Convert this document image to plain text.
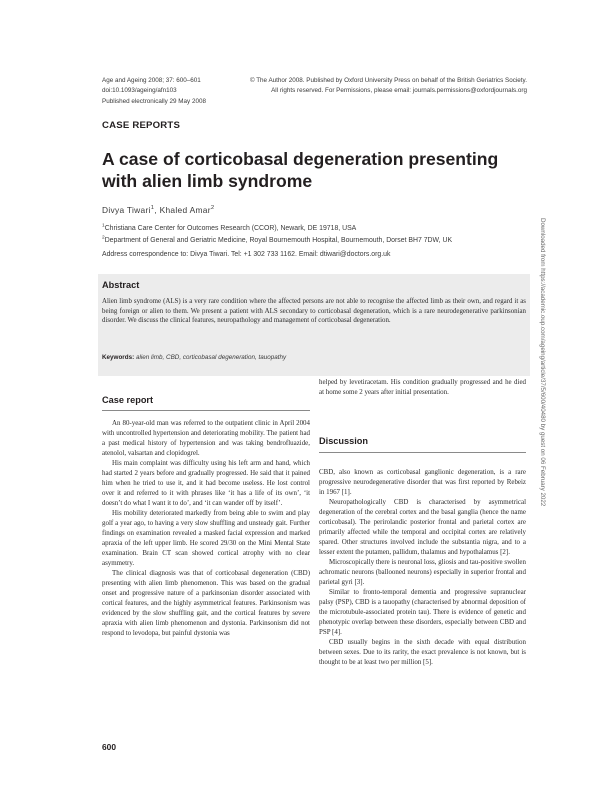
Age and Ageing 2008; 37: 600–601
doi:10.1093/ageing/afn103
Published electronically 29 May 2008
© The Author 2008. Published by Oxford University Press on behalf of the British Geriatrics Society.
All rights reserved. For Permissions, please email: journals.permissions@oxfordjournals.org
CASE REPORTS
A case of corticobasal degeneration presenting with alien limb syndrome
Divya Tiwari$^1$, Khaled Amar$^2$
$^1$Christiana Care Center for Outcomes Research (CCOR), Newark, DE 19718, USA
$^2$Department of General and Geriatric Medicine, Royal Bournemouth Hospital, Bournemouth, Dorset BH7 7DW, UK
Address correspondence to: Divya Tiwari. Tel: +1 302 733 1162. Email: dtiwari@doctors.org.uk
Abstract
Alien limb syndrome (ALS) is a very rare condition where the affected persons are not able to recognise the affected limb as their own, and regard it as being foreign or alien to them. We present a patient with ALS secondary to corticobasal degeneration, which is a rare neurodegenerative parkinsonian disorder. We discuss the clinical features, neuropathology and management of corticobasal degeneration.
Keywords: alien limb, CBD, corticobasal degeneration, tauopathy
Case report

An 80-year-old man was referred to the outpatient clinic in April 2004 with uncontrolled hypertension and deteriorating mobility. The patient had a past medical history of hypertension and was taking bendrofluazide, atenolol, valsartan and clopidogrel.

His main complaint was difficulty using his left arm and hand, which had started 2 years before and gradually progressed. He said that it pained him when he tried to use it, and it had become useless. He lost control over it and referred to it with phrases like ‘it has a life of its own’, ‘it doesn’t do what I want it to do’, and ‘it can wander off by itself’.

His mobility deteriorated markedly from being able to swim and play golf a year ago, to having a very slow shuffling and unsteady gait. Further findings on examination revealed a masked facial expression and marked apraxia of the left upper limb. He scored 29/30 on the Mini Mental State examination. Brain CT scan showed cortical atrophy with no clear asymmetry.

The clinical diagnosis was that of corticobasal degeneration (CBD) presenting with alien limb phenomenon. This was based on the gradual onset and progressive nature of a parkinsonian disorder associated with cortical features, and the highly asymmetrical features. Parkinsonism was evidenced by the slow shuffling gait, and the cortical features by severe apraxia with alien limb phenomenon and dystonia. Parkinsonism did not respond to levodopa, but painful dystonia was

helped by levetiracetam. His condition gradually progressed and he died at home some 2 years after initial presentation.

Discussion

CBD, also known as corticobasal ganglionic degeneration, is a rare progressive neurodegenerative disorder that was first reported by Rebeiz in 1967 [1].

Neuropathologically CBD is characterised by asymmetrical degeneration of the cerebral cortex and the basal ganglia (hence the name corticobasal). The perirolandic posterior frontal and parietal cortex are primarily affected while the temporal and occipital cortex are relatively spared. Other structures involved include the substantia nigra, and to a lesser extent the putamen, pallidum, thalamus and hypothalamus [2].

Microscopically there is neuronal loss, gliosis and tau-positive swollen achromatic neurons (ballooned neurons) especially in superior frontal and parietal gyri [3].

Similar to fronto-temporal dementia and progressive supranuclear palsy (PSP), CBD is a tauopathy (characterised by abnormal deposition of the microtubule-associated protein tau). There is evidence of genetic and phenotypic overlap between these disorders, especially between CBD and PSP [4].

CBD usually begins in the sixth decade with equal distribution between sexes. Due to its rarity, the exact prevalence is not known, but is thought to be at least two per million [5].

600
Downloaded from https://academic.oup.com/ageing/article/37/5/600/40480 by guest on 06 February 2022
